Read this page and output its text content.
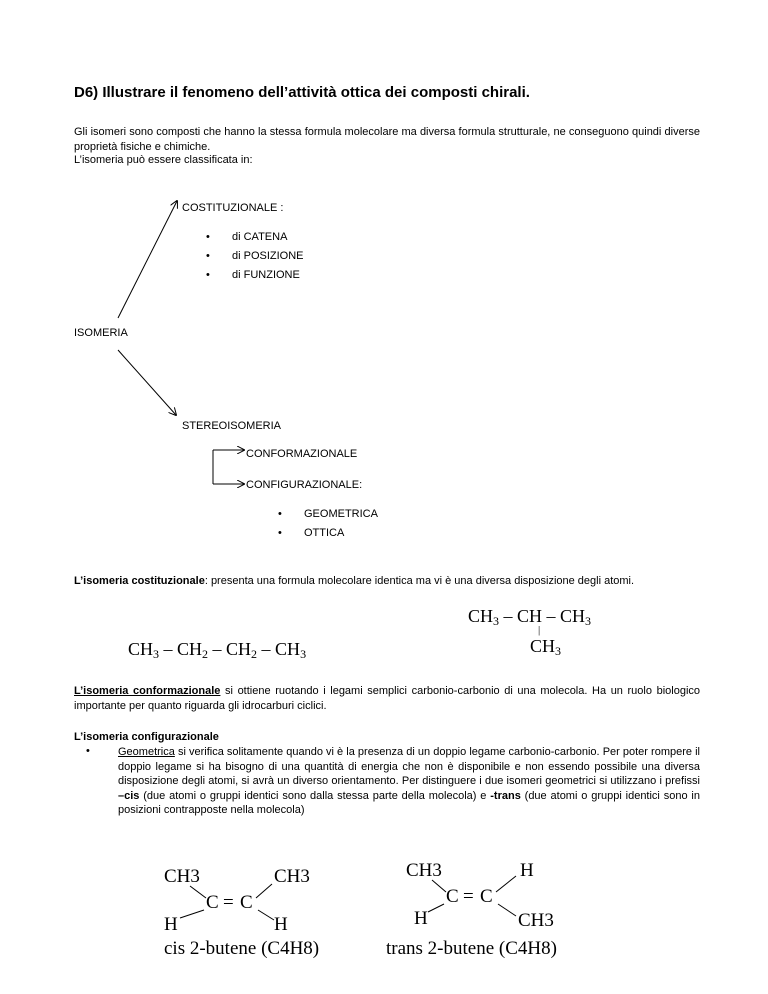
D6) Illustrare il fenomeno dell’attività ottica dei composti chirali.
Gli isomeri sono composti che hanno la stessa formula molecolare ma diversa formula strutturale, ne conseguono quindi diverse proprietà fisiche e chimiche.
L’isomeria può essere classificata in:
COSTITUZIONALE :
• di CATENA
• di POSIZIONE
• di FUNZIONE
ISOMERIA
STEREOISOMERIA
CONFORMAZIONALE
CONFIGURAZIONALE:
• GEOMETRICA
• OTTICA
L’isomeria costituzionale: presenta una formula molecolare identica ma vi è una diversa disposizione degli atomi.
$CH_3 - CH_2 - CH_2 - CH_3$
$CH_3$ – CH – $CH_3$
|
$CH_3$
L’isomeria conformazionale si ottiene ruotando i legami semplici carbonio-carbonio di una molecola. Ha un ruolo biologico importante per quanto riguarda gli idrocarburi ciclici.
L’isomeria configurazionale
•	Geometrica si verifica solitamente quando vi è la presenza di un doppio legame carbonio-carbonio. Per poter rompere il doppio legame si ha bisogno di una quantità di energia che non è disponibile e non essendo possibile una diversa disposizione degli atomi, si avrà un diverso orientamento. Per distinguere i due isomeri geometrici si utilizzano i prefissi –cis (due atomi o gruppi identici sono dalla stessa parte della molecola) e -trans (due atomi o gruppi identici sono in posizioni contrapposte nella molecola)
CH3	CH3
C = C
H	H
cis 2-butene (C4H8)
CH3	H
C = C
H	CH3
trans 2-butene (C4H8)
